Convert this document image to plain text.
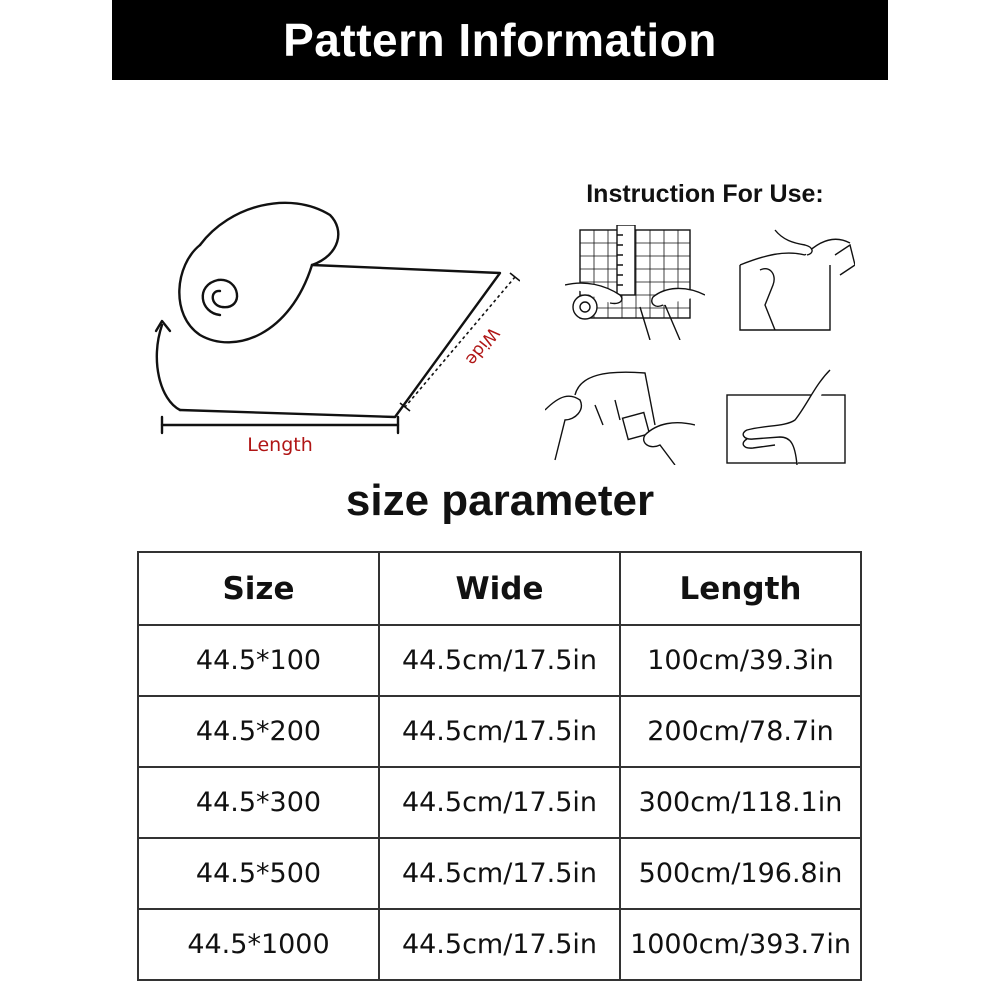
Pattern Information
Length
Wide
Instruction For Use:
size parameter
Size	Wide	Length
44.5*100	44.5cm/17.5in	100cm/39.3in
44.5*200	44.5cm/17.5in	200cm/78.7in
44.5*300	44.5cm/17.5in	300cm/118.1in
44.5*500	44.5cm/17.5in	500cm/196.8in
44.5*1000	44.5cm/17.5in	1000cm/393.7in
